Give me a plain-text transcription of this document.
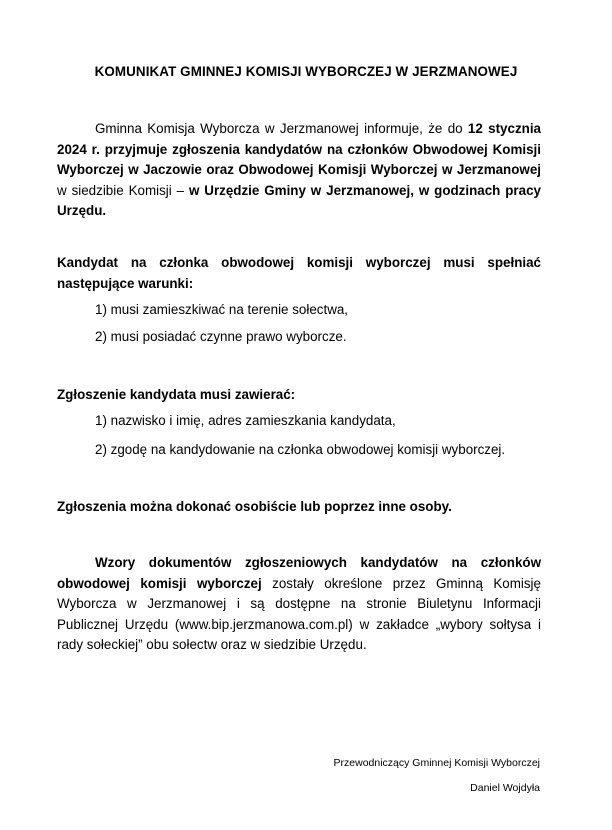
KOMUNIKAT GMINNEJ KOMISJI WYBORCZEJ W JERZMANOWEJ

Gminna Komisja Wyborcza w Jerzmanowej informuje, że do 12 stycznia 2024 r. przyjmuje zgłoszenia kandydatów na członków Obwodowej Komisji Wyborczej w Jaczowie oraz Obwodowej Komisji Wyborczej w Jerzmanowej w siedzibie Komisji – w Urzędzie Gminy w Jerzmanowej, w godzinach pracy Urzędu.

Kandydat na członka obwodowej komisji wyborczej musi spełniać następujące warunki:

1) musi zamieszkiwać na terenie sołectwa,
2) musi posiadać czynne prawo wyborcze.

Zgłoszenie kandydata musi zawierać:

1) nazwisko i imię, adres zamieszkania kandydata,
2) zgodę na kandydowanie na członka obwodowej komisji wyborczej.

Zgłoszenia można dokonać osobiście lub poprzez inne osoby.

Wzory dokumentów zgłoszeniowych kandydatów na członków obwodowej komisji wyborczej zostały określone przez Gminną Komisję Wyborcza w Jerzmanowej i są dostępne na stronie Biuletynu Informacji Publicznej Urzędu (www.bip.jerzmanowa.com.pl) w zakładce „wybory sołtysa i rady sołeckiej” obu sołectw oraz w siedzibie Urzędu.

Przewodniczący Gminnej Komisji Wyborczej
Daniel Wojdyła
